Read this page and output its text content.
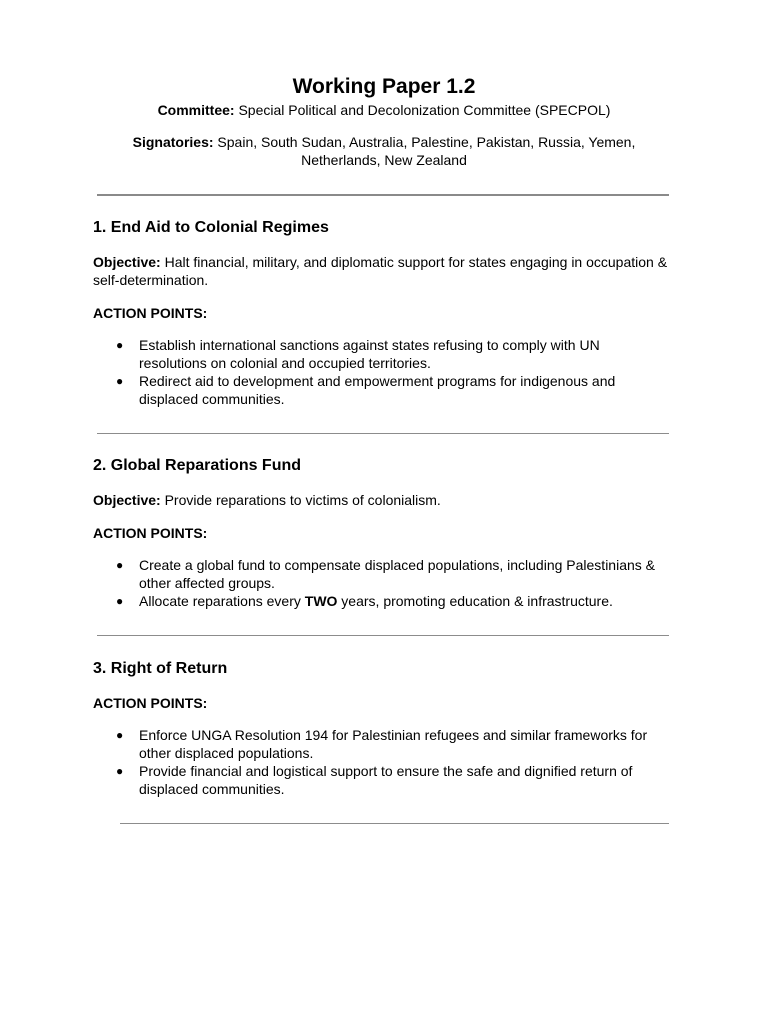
Working Paper 1.2
Committee: Special Political and Decolonization Committee (SPECPOL)
Signatories: Spain, South Sudan, Australia, Palestine, Pakistan, Russia, Yemen, Netherlands, New Zealand
1. End Aid to Colonial Regimes
Objective: Halt financial, military, and diplomatic support for states engaging in occupation & self-determination.
ACTION POINTS:
● Establish international sanctions against states refusing to comply with UN resolutions on colonial and occupied territories.
● Redirect aid to development and empowerment programs for indigenous and displaced communities.
2. Global Reparations Fund
Objective: Provide reparations to victims of colonialism.
ACTION POINTS:
● Create a global fund to compensate displaced populations, including Palestinians & other affected groups.
● Allocate reparations every TWO years, promoting education & infrastructure.
3. Right of Return
ACTION POINTS:
● Enforce UNGA Resolution 194 for Palestinian refugees and similar frameworks for other displaced populations.
● Provide financial and logistical support to ensure the safe and dignified return of displaced communities.
